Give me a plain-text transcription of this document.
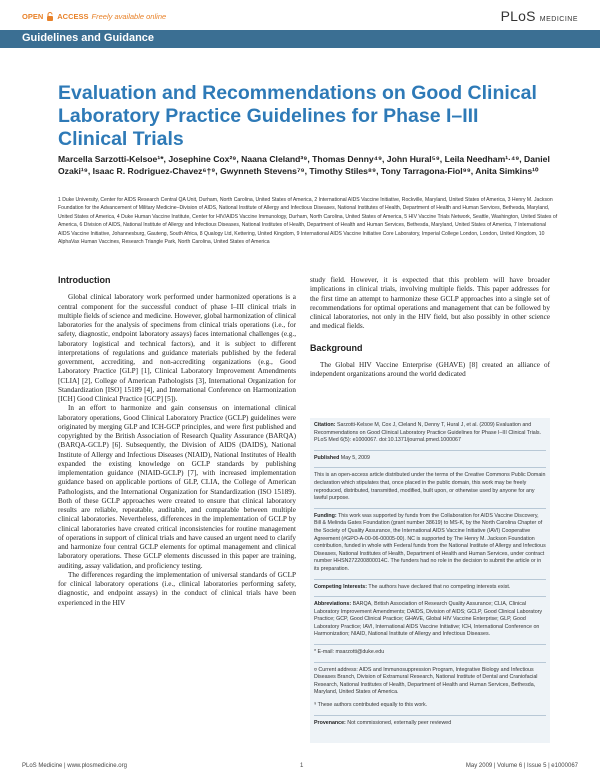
OPEN ACCESS Freely available online	PLoS MEDICINE
Guidelines and Guidance
Evaluation and Recommendations on Good Clinical Laboratory Practice Guidelines for Phase I–III Clinical Trials
Marcella Sarzotti-Kelsoe¹*, Josephine Cox²⁹, Naana Cleland³⁹, Thomas Denny⁴⁹, John Hural⁵⁹, Leila Needham¹·⁴⁹, Daniel Ozaki¹⁹, Isaac R. Rodriguez-Chavez⁶†⁹, Gwynneth Stevens⁷⁹, Timothy Stiles⁸⁹, Tony Tarragona-Fiol⁹⁹, Anita Simkins¹⁰
1 Duke University, Center for AIDS Research Central QA Unit, Durham, North Carolina, United States of America, 2 International AIDS Vaccine Initiative, Rockville, Maryland, United States of America, 3 Henry M. Jackson Foundation for the Advancement of Military Medicine–Division of AIDS, National Institute of Allergy and Infectious Diseases, National Institutes of Health, Department of Health and Human Services, Bethesda, Maryland, United States of America, 4 Duke Human Vaccine Institute, Center for HIV/AIDS Vaccine Immunology, Durham, North Carolina, United States of America, 5 HIV Vaccine Trials Network, Seattle, Washington, United States of America, 6 Division of AIDS, National Institute of Allergy and Infectious Diseases, National Institutes of Health, Department of Health and Human Services, Bethesda, Maryland, United States of America, 7 International AIDS Vaccine Initiative, Johannesburg, Gauteng, South Africa, 8 Qualogy Ltd, Kettering, United Kingdom, 9 International AIDS Vaccine Initiative Core Laboratory, Imperial College London, London, United Kingdom, 10 AlphaVax Human Vaccines, Research Triangle Park, North Carolina, United States of America
Introduction

Global clinical laboratory work performed under harmonized operations is a central component for the successful conduct of phase I–III clinical trials in multiple fields of science and medicine. However, global harmonization of clinical laboratories for the analysis of specimens from clinical trials operations (i.e., for safety, diagnostic, endpoint laboratory assays) faces international challenges (e.g., laboratory logistical and technical factors), and it is subject to different interpretations of regulations and guidance materials published by the federal government, accrediting, and non-accrediting organizations (e.g., Good Laboratory Practice [GLP] [1], Clinical Laboratory Improvement Amendments [CLIA] [2], College of American Pathologists [3], International Organization for Standardization [ISO] 15189 [4], and International Conference on Harmonization [ICH] Good Clinical Practice [GCP] [5]).

In an effort to harmonize and gain consensus on international clinical laboratory operations, Good Clinical Laboratory Practice (GCLP) guidelines were originated by merging GLP and ICH-GCP principles, and were first published and copyrighted by the British Association of Research Quality Assurance (BARQA) (BARQA-GCLP) [6]. Subsequently, the Division of AIDS (DAIDS), National Institute of Allergy and Infectious Diseases (NIAID), National Institutes of Health expanded the existing knowledge on GCLP standards by publishing implementation guidance (NIAID-GCLP) [7], with increased implementation guidance based on applicable portions of GLP, CLIA, the College of American Pathologists, and the International Organization for Standardization (ISO 15189). Both of these GCLP approaches were created to ensure that clinical laboratory results are reliable, repeatable, auditable, and comparable between multiple clinical laboratories. Nevertheless, differences in the implementation of GCLP by clinical laboratories have created critical inconsistencies for routine management of operations in support of clinical trials and have caused an urgent need to clarify and harmonize four central GCLP elements for optimal management and clinical laboratory operations. These GCLP elements discussed in this paper are training, auditing, assay validation, and proficiency testing.

The differences regarding the implementation of universal standards of GCLP for clinical laboratory operations (i.e., clinical laboratories performing safety, diagnostic, and endpoint assays) in the conduct of clinical trials have been experienced in the HIV

study field. However, it is expected that this problem will have broader implications in clinical trials, involving multiple fields. This paper addresses for the first time an attempt to harmonize these GCLP approaches into a single set of recommendations for optimal operations and management that can be followed by clinical laboratories, not only in the HIV field, but also possibly in other science and medical fields.

Background

The Global HIV Vaccine Enterprise (GHAVE) [8] created an alliance of independent organizations around the world dedicated

Citation: Sarzotti-Kelsoe M, Cox J, Cleland N, Denny T, Hural J, et al. (2009) Evaluation and Recommendations on Good Clinical Laboratory Practice Guidelines for Phase I–III Clinical Trials. PLoS Med 6(5): e1000067. doi:10.1371/journal.pmed.1000067

Published May 5, 2009

This is an open-access article distributed under the terms of the Creative Commons Public Domain declaration which stipulates that, once placed in the public domain, this work may be freely reproduced, distributed, transmitted, modified, built upon, or otherwise used by anyone for any lawful purpose.

Funding: This work was supported by funds from the Collaboration for AIDS Vaccine Discovery, Bill & Melinda Gates Foundation (grant number 38619) to MS-K, by the North Carolina Chapter of the Society of Quality Assurance, the International AIDS Vaccine Initiative (IAVI) Cooperative Agreement (#GPO-A-00-06-00005-00). NC is supported by The Henry M. Jackson Foundation contribution, funded in whole with Federal funds from the National Institute of Allergy and Infectious Diseases, National Institutes of Health, Department of Health and Human Services, under contract number HHSN272200800014C. The funders had no role in the decision to submit the article or in its preparation.

Competing Interests: The authors have declared that no competing interests exist.

Abbreviations: BARQA, British Association of Research Quality Assurance; CLIA, Clinical Laboratory Improvement Amendments; DAIDS, Division of AIDS; GCLP, Good Clinical Laboratory Practice; GCP, Good Clinical Practice; GHAVE, Global HIV Vaccine Enterprise; GLP, Good Laboratory Practice; IAVI, International AIDS Vaccine Initiative; ICH, International Conference on Harmonization; NIAID, National Institute of Allergy and Infectious Diseases.

* E-mail: msarzotti@duke.edu

¤ Current address: AIDS and Immunosuppression Program, Integrative Biology and Infectious Diseases Branch, Division of Extramural Research, National Institute of Dental and Craniofacial Research, National Institutes of Health, Department of Health and Human Services, Bethesda, Maryland, United States of America.

⁹ These authors contributed equally to this work.

Provenance: Not commissioned, externally peer reviewed

PLoS Medicine | www.plosmedicine.org	1	May 2009 | Volume 6 | Issue 5 | e1000067
